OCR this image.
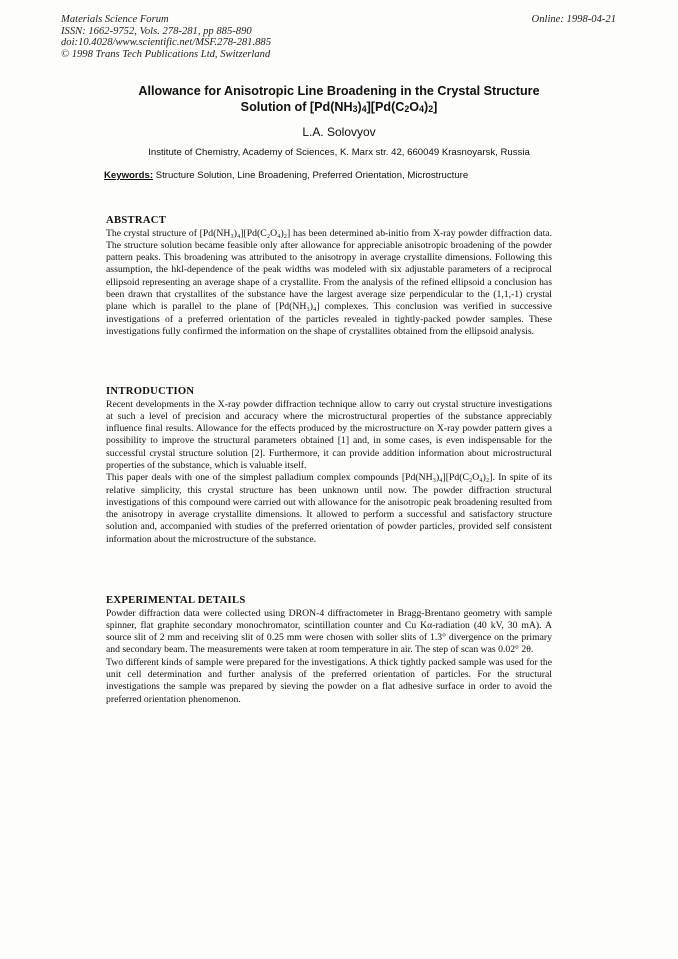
Materials Science Forum
ISSN: 1662-9752, Vols. 278-281, pp 885-890
doi:10.4028/www.scientific.net/MSF.278-281.885
© 1998 Trans Tech Publications Ltd, Switzerland
Online: 1998-04-21
Allowance for Anisotropic Line Broadening in the Crystal Structure
Solution of $[Pd(NH_3)_4][Pd(C_2O_4)_2]$
L.A. Solovyov
Institute of Chemistry, Academy of Sciences, K. Marx str. 42, 660049 Krasnoyarsk, Russia
Keywords: Structure Solution, Line Broadening, Preferred Orientation, Microstructure
ABSTRACT

The crystal structure of [Pd(NH₃)₄][Pd(C₂O₄)₂] has been determined ab-initio from X-ray powder diffraction data. The structure solution became feasible only after allowance for appreciable anisotropic broadening of the powder pattern peaks. This broadening was attributed to the anisotropy in average crystallite dimensions. Following this assumption, the hkl-dependence of the peak widths was modeled with six adjustable parameters of a reciprocal ellipsoid representing an average shape of a crystallite. From the analysis of the refined ellipsoid a conclusion has been drawn that crystallites of the substance have the largest average size perpendicular to the (1,1,-1) crystal plane which is parallel to the plane of [Pd(NH₃)₄] complexes. This conclusion was verified in successive investigations of a preferred orientation of the particles revealed in tightly-packed powder samples. These investigations fully confirmed the information on the shape of crystallites obtained from the ellipsoid analysis.

INTRODUCTION

Recent developments in the X-ray powder diffraction technique allow to carry out crystal structure investigations at such a level of precision and accuracy where the microstructural properties of the substance appreciably influence final results. Allowance for the effects produced by the microstructure on X-ray powder pattern gives a possibility to improve the structural parameters obtained [1] and, in some cases, is even indispensable for the successful crystal structure solution [2]. Furthermore, it can provide addition information about microstructural properties of the substance, which is valuable itself.

This paper deals with one of the simplest palladium complex compounds [Pd(NH₃)₄][Pd(C₂O₄)₂]. In spite of its relative simplicity, this crystal structure has been unknown until now. The powder diffraction structural investigations of this compound were carried out with allowance for the anisotropic peak broadening resulted from the anisotropy in average crystallite dimensions. It allowed to perform a successful and satisfactory structure solution and, accompanied with studies of the preferred orientation of powder particles, provided self consistent information about the microstructure of the substance.

EXPERIMENTAL DETAILS

Powder diffraction data were collected using DRON-4 diffractometer in Bragg-Brentano geometry with sample spinner, flat graphite secondary monochromator, scintillation counter and Cu Kα-radiation (40 kV, 30 mA). A source slit of 2 mm and receiving slit of 0.25 mm were chosen with soller slits of 1.3° divergence on the primary and secondary beam. The measurements were taken at room temperature in air. The step of scan was 0.02° 2θ.

Two different kinds of sample were prepared for the investigations. A thick tightly packed sample was used for the unit cell determination and further analysis of the preferred orientation of particles. For the structural investigations the sample was prepared by sieving the powder on a flat adhesive surface in order to avoid the preferred orientation phenomenon.
